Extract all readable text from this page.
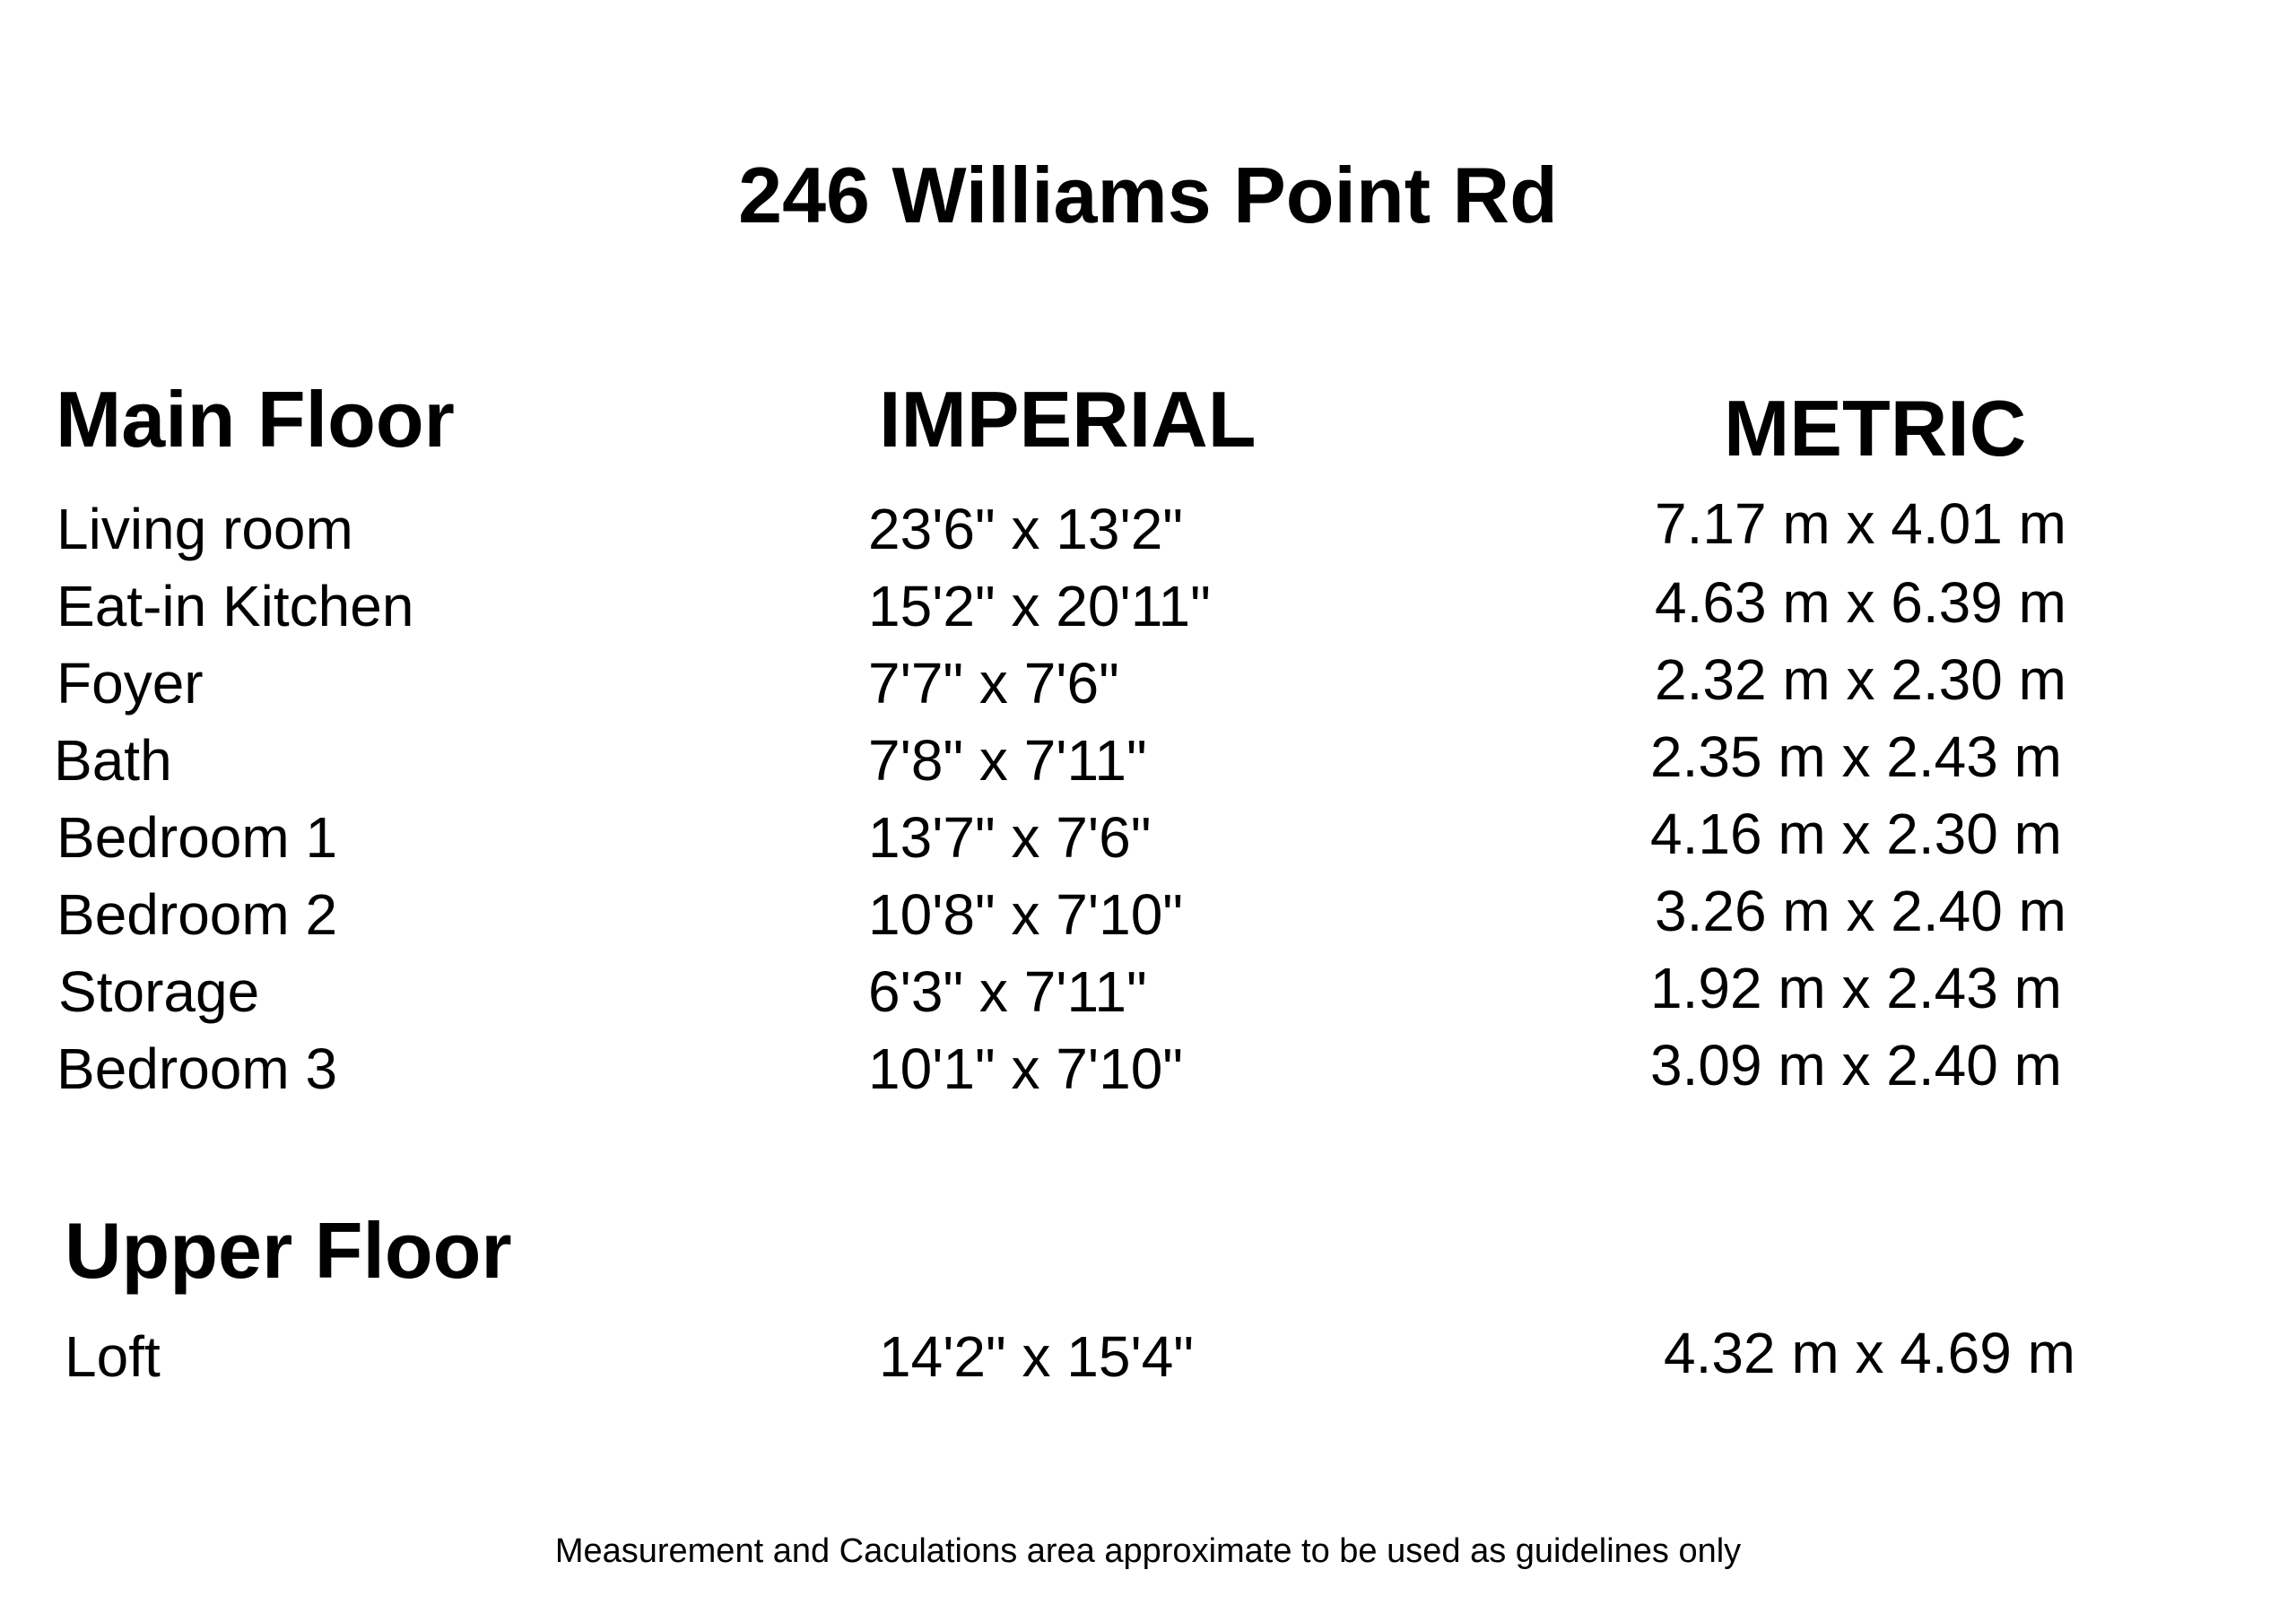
246 Williams Point Rd
Main Floor	IMPERIAL	METRIC
Living room	23'6" x 13'2"	7.17 m x 4.01 m
Eat-in Kitchen	15'2" x 20'11"	4.63 m x 6.39 m
Foyer	7'7" x 7'6"	2.32 m x 2.30 m
Bath	7'8" x 7'11"	2.35 m x 2.43 m
Bedroom 1	13'7" x 7'6"	4.16 m x 2.30 m
Bedroom 2	10'8" x 7'10"	3.26 m x 2.40 m
Storage	6'3" x 7'11"	1.92 m x 2.43 m
Bedroom 3	10'1" x 7'10"	3.09 m x 2.40 m
Upper Floor
Loft	14'2" x 15'4"	4.32 m x 4.69 m
Measurement and Caculations area approximate to be used as guidelines only
